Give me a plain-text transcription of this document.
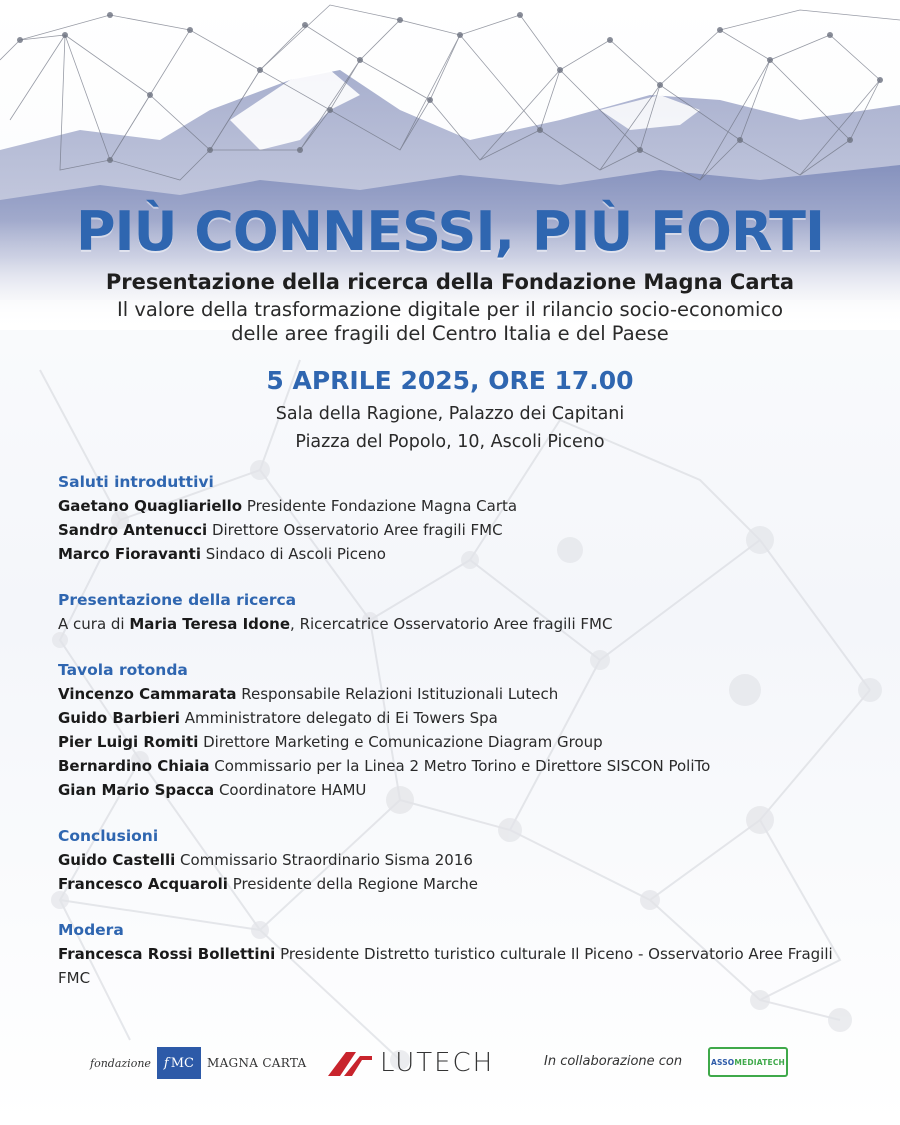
PIÙ CONNESSI, PIÙ FORTI
Presentazione della ricerca della Fondazione Magna Carta
Il valore della trasformazione digitale per il rilancio socio-economico
delle aree fragili del Centro Italia e del Paese
5 APRILE 2025, ORE 17.00
Sala della Ragione, Palazzo dei Capitani
Piazza del Popolo, 10, Ascoli Piceno
Saluti introduttivi
Gaetano Quagliariello Presidente Fondazione Magna Carta
Sandro Antenucci Direttore Osservatorio Aree fragili FMC
Marco Fioravanti Sindaco di Ascoli Piceno
Presentazione della ricerca
A cura di Maria Teresa Idone, Ricercatrice Osservatorio Aree fragili FMC
Tavola rotonda
Vincenzo Cammarata Responsabile Relazioni Istituzionali Lutech
Guido Barbieri Amministratore delegato di Ei Towers Spa
Pier Luigi Romiti Direttore Marketing e Comunicazione Diagram Group
Bernardino Chiaia Commissario per la Linea 2 Metro Torino e Direttore SISCON PoliTo
Gian Mario Spacca Coordinatore HAMU
Conclusioni
Guido Castelli Commissario Straordinario Sisma 2016
Francesco Acquaroli Presidente della Regione Marche
Modera
Francesca Rossi Bollettini Presidente Distretto turistico culturale Il Piceno - Osservatorio Aree Fragili FMC
fondazione f MC MAGNA CARTA	LUTECH	In collaborazione con	ASSOMEDIATECH
